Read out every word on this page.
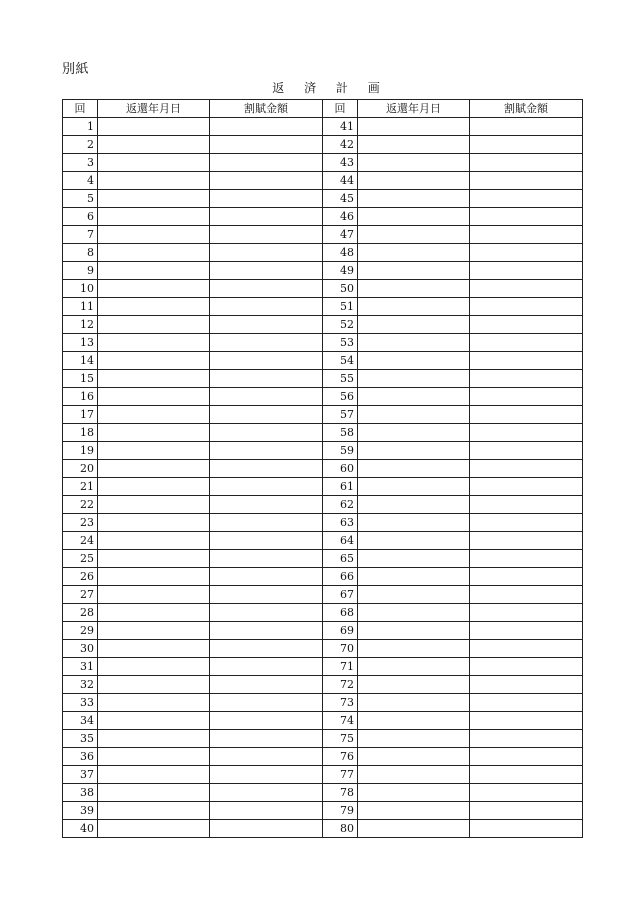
別紙
返 済 計 画
回	返還年月日	割賦金額	回	返還年月日	割賦金額
1			41		
2			42		
3			43		
4			44		
5			45		
6			46		
7			47		
8			48		
9			49		
10			50		
11			51		
12			52		
13			53		
14			54		
15			55		
16			56		
17			57		
18			58		
19			59		
20			60		
21			61		
22			62		
23			63		
24			64		
25			65		
26			66		
27			67		
28			68		
29			69		
30			70		
31			71		
32			72		
33			73		
34			74		
35			75		
36			76		
37			77		
38			78		
39			79		
40			80		
